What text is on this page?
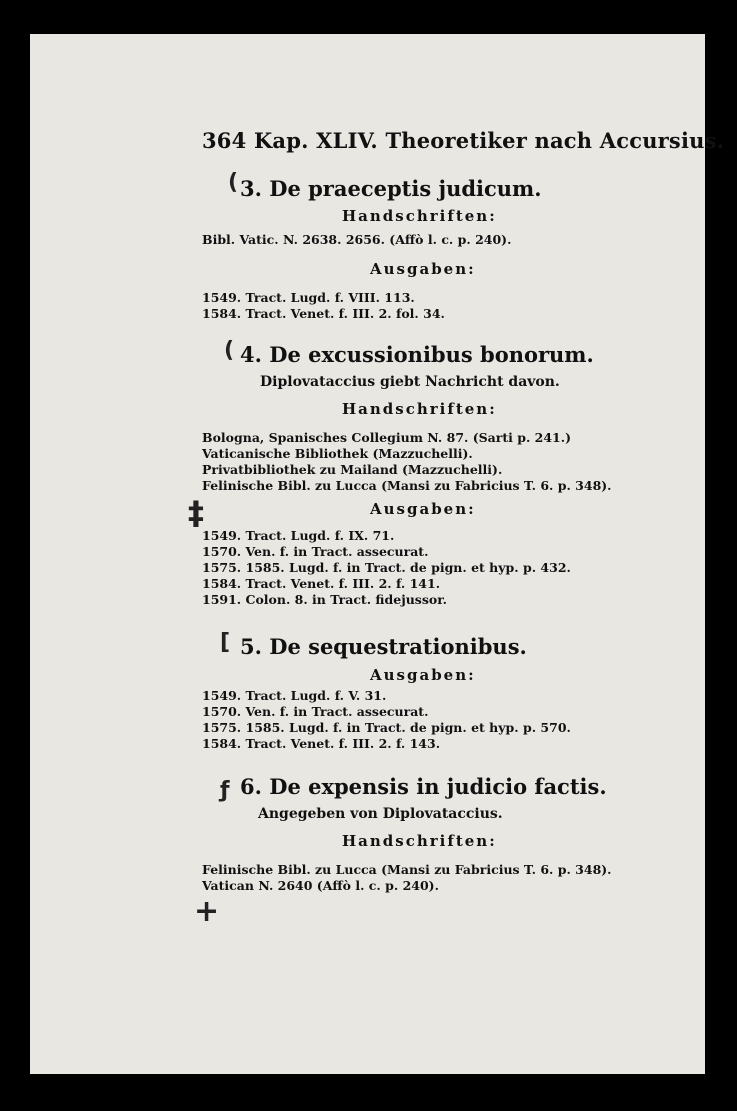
364 Kap. XLIV. Theoretiker nach Accursius.
( 3. De praeceptis judicum.
Handschriften:
Bibl. Vatic. N. 2638. 2656. (Affò l. c. p. 240).
Ausgaben:
1549. Tract. Lugd. f. VIII. 113.
1584. Tract. Venet. f. III. 2. fol. 34.
( 4. De excussionibus bonorum.
Diplovataccius giebt Nachricht davon.
Handschriften:
Bologna, Spanisches Collegium N. 87. (Sarti p. 241.)
Vaticanische Bibliothek (Mazzuchelli).
Privatbibliothek zu Mailand (Mazzuchelli).
Felinische Bibl. zu Lucca (Mansi zu Fabricius T. 6. p. 348).
‡	Ausgaben:
1549. Tract. Lugd. f. IX. 71.
1570. Ven. f. in Tract. assecurat.
1575. 1585. Lugd. f. in Tract. de pign. et hyp. p. 432.
1584. Tract. Venet. f. III. 2. f. 141.
1591. Colon. 8. in Tract. fidejussor.
[ 5. De sequestrationibus.
Ausgaben:
1549. Tract. Lugd. f. V. 31.
1570. Ven. f. in Tract. assecurat.
1575. 1585. Lugd. f. in Tract. de pign. et hyp. p. 570.
1584. Tract. Venet. f. III. 2. f. 143.
ƒ 6. De expensis in judicio factis.
Angegeben von Diplovataccius.
Handschriften:
Felinische Bibl. zu Lucca (Mansi zu Fabricius T. 6. p. 348).
Vatican N. 2640 (Affò l. c. p. 240).
+
